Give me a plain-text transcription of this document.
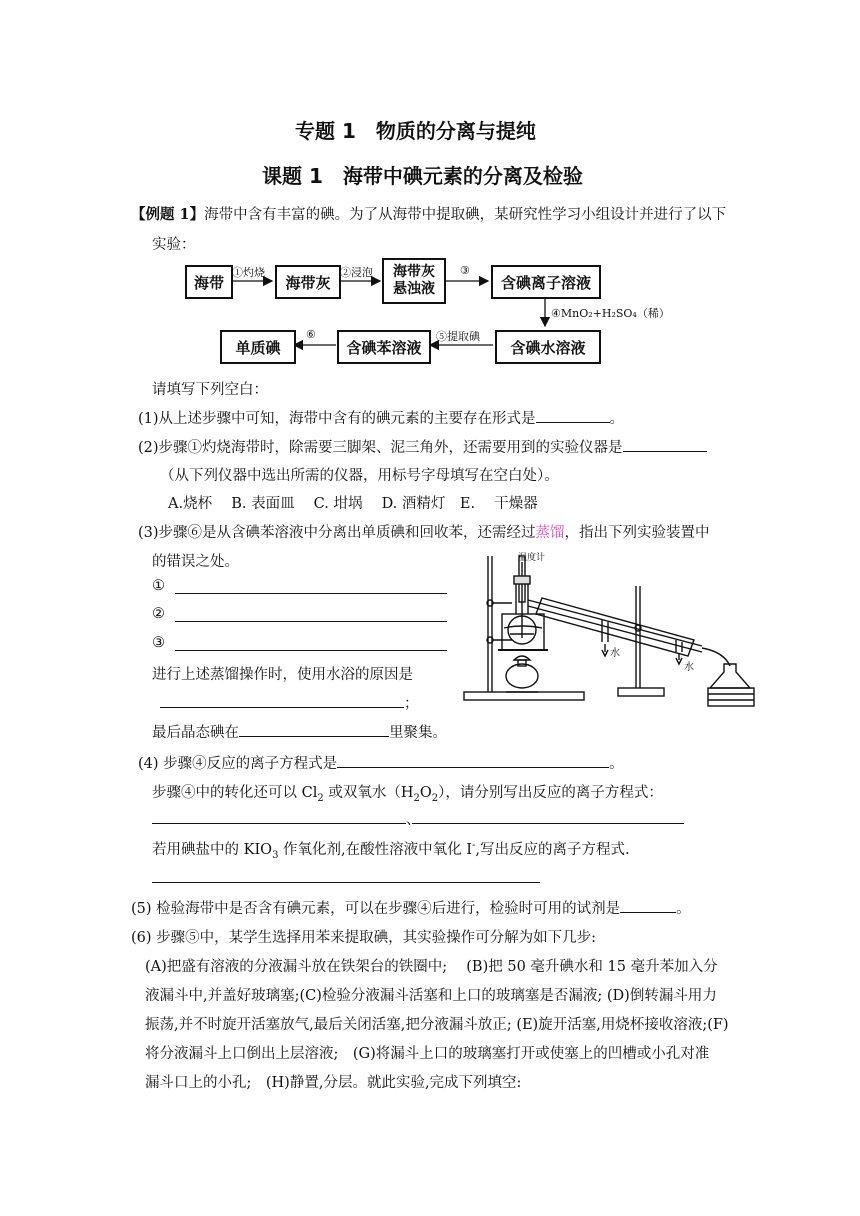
专题 1　物质的分离与提纯
课题 1　海带中碘元素的分离及检验
【例题 1】海带中含有丰富的碘。为了从海带中提取碘，某研究性学习小组设计并进行了以下
实验：
海带	海带灰
海带灰
悬浊液	含碘离子溶液
含碘水溶液
含碘苯溶液
单质碘
①灼烧	②浸泡	③
④MnO₂+H₂SO₄（稀）
⑤提取碘
⑥
请填写下列空白：
(1)从上述步骤中可知，海带中含有的碘元素的主要存在形式是	。
(2)步骤①灼烧海带时，除需要三脚架、泥三角外，还需要用到的实验仪器是
（从下列仪器中选出所需的仪器，用标号字母填写在空白处）。
A.烧杯　 B. 表面皿　 C. 坩埚　 D. 酒精灯　E.　 干燥器
(3)步骤⑥是从含碘苯溶液中分离出单质碘和回收苯，还需经过蒸馏，指出下列实验装置中
的错误之处。
①
②
③
进行上述蒸馏操作时，使用水浴的原因是
；
最后晶态碘在	里聚集。
温度计
水
水
(4) 步骤④反应的离子方程式是	。
步骤④中的转化还可以 $Cl_2$ 或双氧水$(H_2O_2)$，请分别写出反应的离子方程式：
、
若用碘盐中的 $KIO_3$ 作氧化剂,在酸性溶液中氧化 I-,写出反应的离子方程式.
(5) 检验海带中是否含有碘元素，可以在步骤④后进行，检验时可用的试剂是	。
(6) 步骤⑤中，某学生选择用苯来提取碘，其实验操作可分解为如下几步:
(A)把盛有溶液的分液漏斗放在铁架台的铁圈中;　 (B)把 50 毫升碘水和 15 毫升苯加入分
液漏斗中,并盖好玻璃塞;(C)检验分液漏斗活塞和上口的玻璃塞是否漏液; (D)倒转漏斗用力
振荡,并不时旋开活塞放气,最后关闭活塞,把分液漏斗放正; (E)旋开活塞,用烧杯接收溶液;(F)
将分液漏斗上口倒出上层溶液;　(G)将漏斗上口的玻璃塞打开或使塞上的凹槽或小孔对准
漏斗口上的小孔;　(H)静置,分层。就此实验,完成下列填空:
